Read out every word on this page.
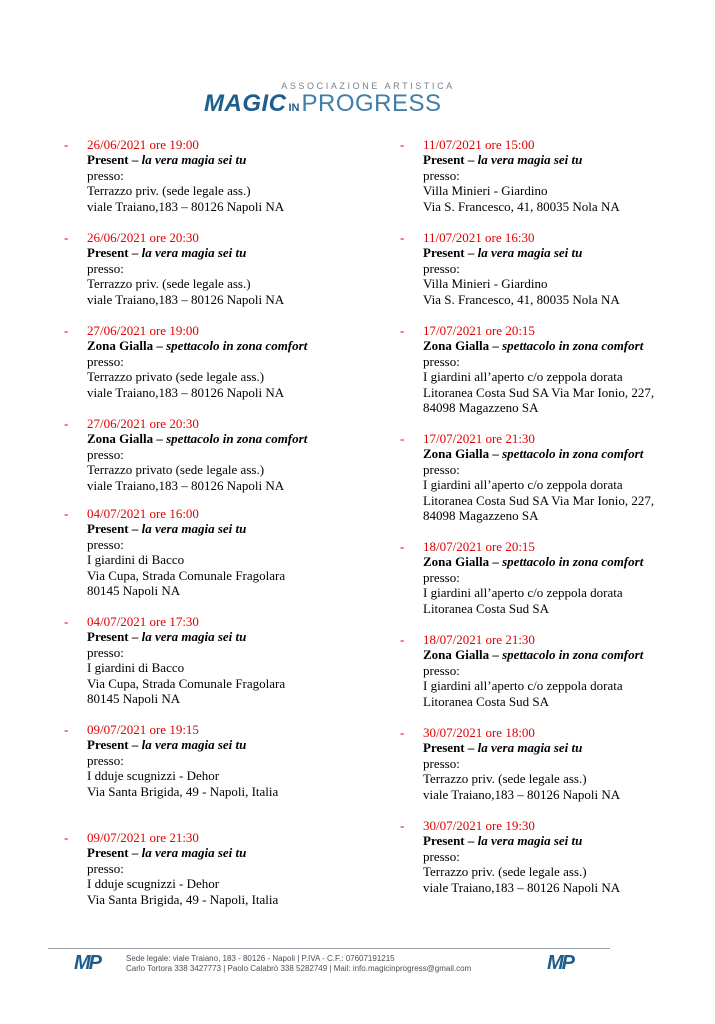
ASSOCIAZIONE ARTISTICA
MAGIC INPROGRESS
- 26/06/2021 ore 19:00
Present – la vera magia sei tu
presso:
Terrazzo priv. (sede legale ass.)
viale Traiano,183 – 80126 Napoli NA
- 26/06/2021 ore 20:30
Present – la vera magia sei tu
presso:
Terrazzo priv. (sede legale ass.)
viale Traiano,183 – 80126 Napoli NA
- 27/06/2021 ore 19:00
Zona Gialla – spettacolo in zona comfort
presso:
Terrazzo privato (sede legale ass.)
viale Traiano,183 – 80126 Napoli NA
- 27/06/2021 ore 20:30
Zona Gialla – spettacolo in zona comfort
presso:
Terrazzo privato (sede legale ass.)
viale Traiano,183 – 80126 Napoli NA
- 04/07/2021 ore 16:00
Present – la vera magia sei tu
presso:
I giardini di Bacco
Via Cupa, Strada Comunale Fragolara
80145 Napoli NA
- 04/07/2021 ore 17:30
Present – la vera magia sei tu
presso:
I giardini di Bacco
Via Cupa, Strada Comunale Fragolara
80145 Napoli NA
- 09/07/2021 ore 19:15
Present – la vera magia sei tu
presso:
I dduje scugnizzi - Dehor
Via Santa Brigida, 49 - Napoli, Italia
- 09/07/2021 ore 21:30
Present – la vera magia sei tu
presso:
I dduje scugnizzi - Dehor
Via Santa Brigida, 49 - Napoli, Italia
- 11/07/2021 ore 15:00
Present – la vera magia sei tu
presso:
Villa Minieri - Giardino
Via S. Francesco, 41, 80035 Nola NA
- 11/07/2021 ore 16:30
Present – la vera magia sei tu
presso:
Villa Minieri - Giardino
Via S. Francesco, 41, 80035 Nola NA
- 17/07/2021 ore 20:15
Zona Gialla – spettacolo in zona comfort
presso:
I giardini all’aperto c/o zeppola dorata
Litoranea Costa Sud SA Via Mar Ionio, 227,
84098 Magazzeno SA
- 17/07/2021 ore 21:30
Zona Gialla – spettacolo in zona comfort
presso:
I giardini all’aperto c/o zeppola dorata
Litoranea Costa Sud SA Via Mar Ionio, 227,
84098 Magazzeno SA
- 18/07/2021 ore 20:15
Zona Gialla – spettacolo in zona comfort
presso:
I giardini all’aperto c/o zeppola dorata
Litoranea Costa Sud SA
- 18/07/2021 ore 21:30
Zona Gialla – spettacolo in zona comfort
presso:
I giardini all’aperto c/o zeppola dorata
Litoranea Costa Sud SA
- 30/07/2021 ore 18:00
Present – la vera magia sei tu
presso:
Terrazzo priv. (sede legale ass.)
viale Traiano,183 – 80126 Napoli NA
- 30/07/2021 ore 19:30
Present – la vera magia sei tu
presso:
Terrazzo priv. (sede legale ass.)
viale Traiano,183 – 80126 Napoli NA
MP	Sede legale: viale Traiano, 183 - 80126 - Napoli | P.IVA - C.F.: 07607191215
Carlo Tortora 338 3427773 | Paolo Calabrò 338 5282749 | Mail: info.magicinprogress@gmail.com	MP
